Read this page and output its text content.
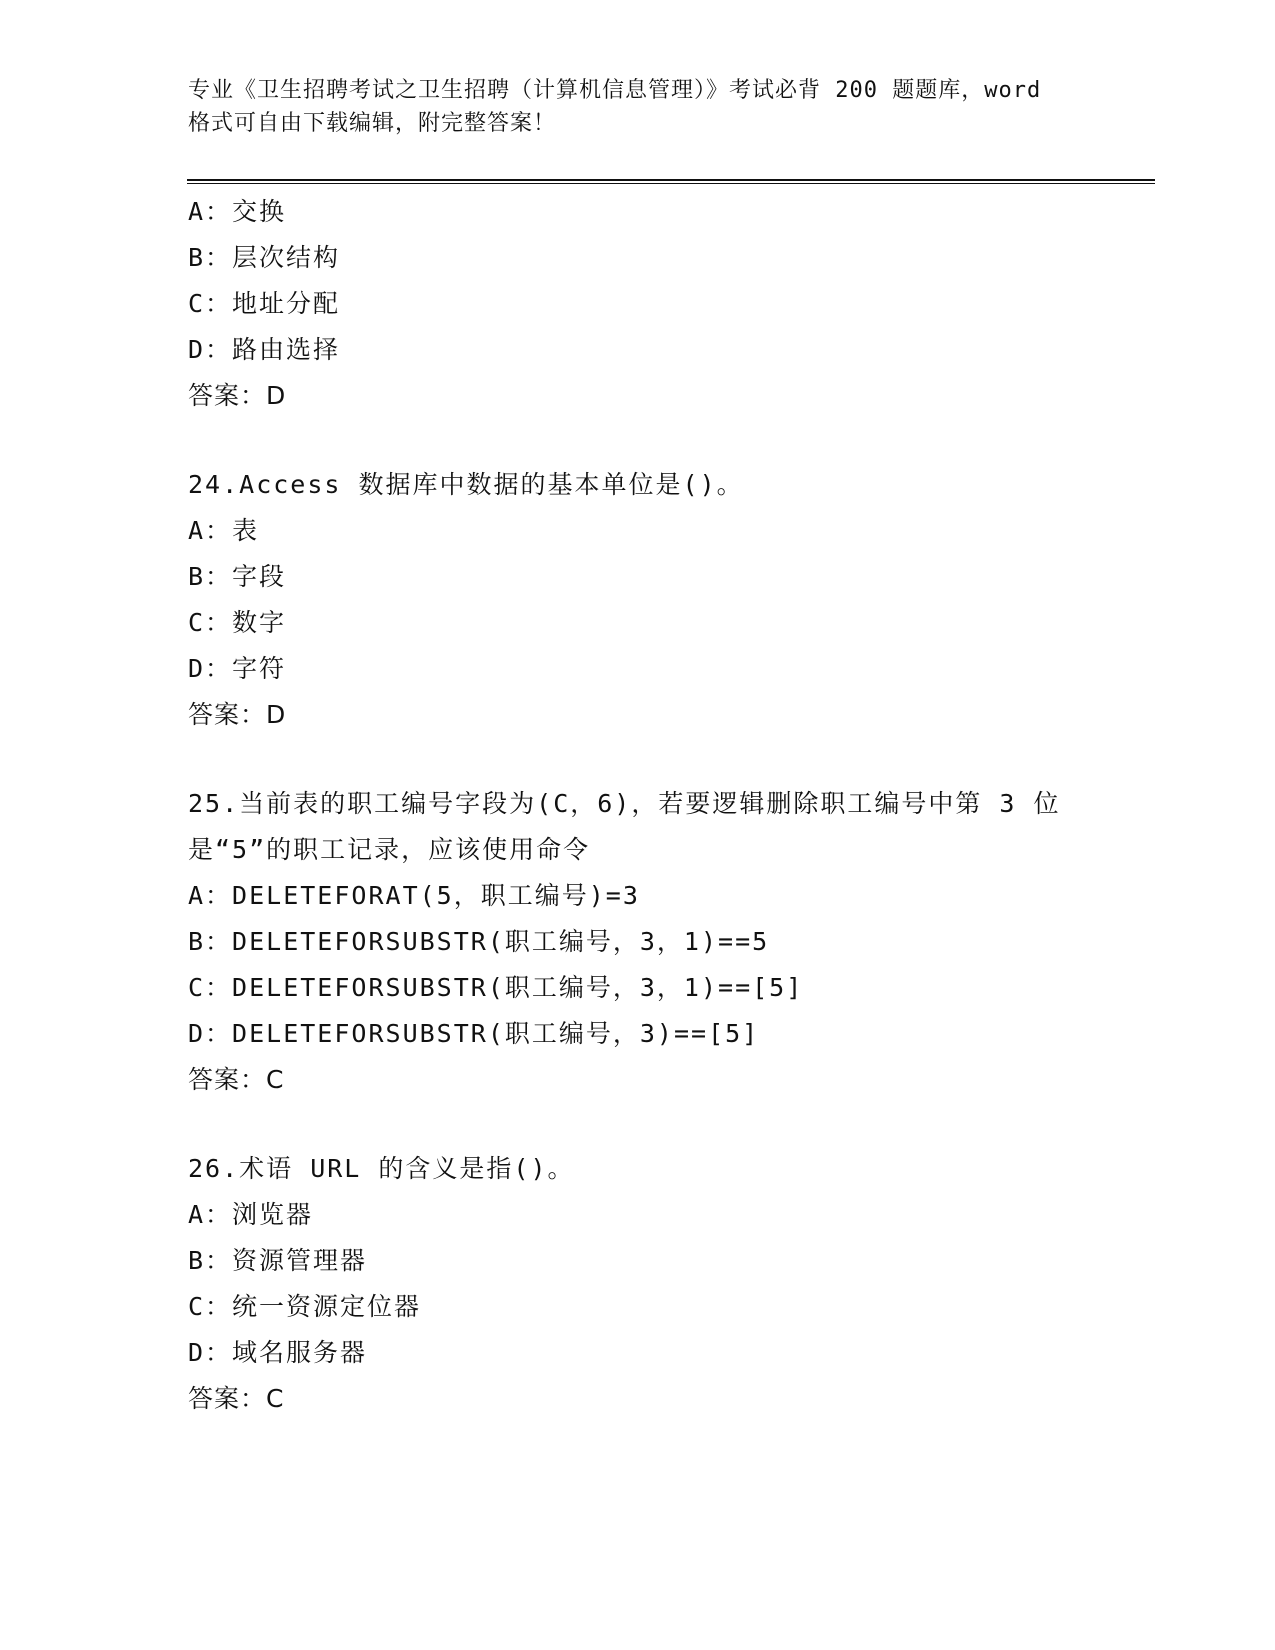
专业《卫生招聘考试之卫生招聘（计算机信息管理）》考试必背 200 题题库，word
格式可自由下载编辑，附完整答案！
A：交换
B：层次结构
C：地址分配
D：路由选择
答案：D
24.Access 数据库中数据的基本单位是()。
A：表
B：字段
C：数字
D：字符
答案：D
25.当前表的职工编号字段为(C，6)，若要逻辑删除职工编号中第 3 位
是“5”的职工记录，应该使用命令
A：DELETEFORAT(5，职工编号)=3
B：DELETEFORSUBSTR(职工编号，3，1)==5
C：DELETEFORSUBSTR(职工编号，3，1)==[5]
D：DELETEFORSUBSTR(职工编号，3)==[5]
答案：C
26.术语 URL 的含义是指()。
A：浏览器
B：资源管理器
C：统一资源定位器
D：域名服务器
答案：C
